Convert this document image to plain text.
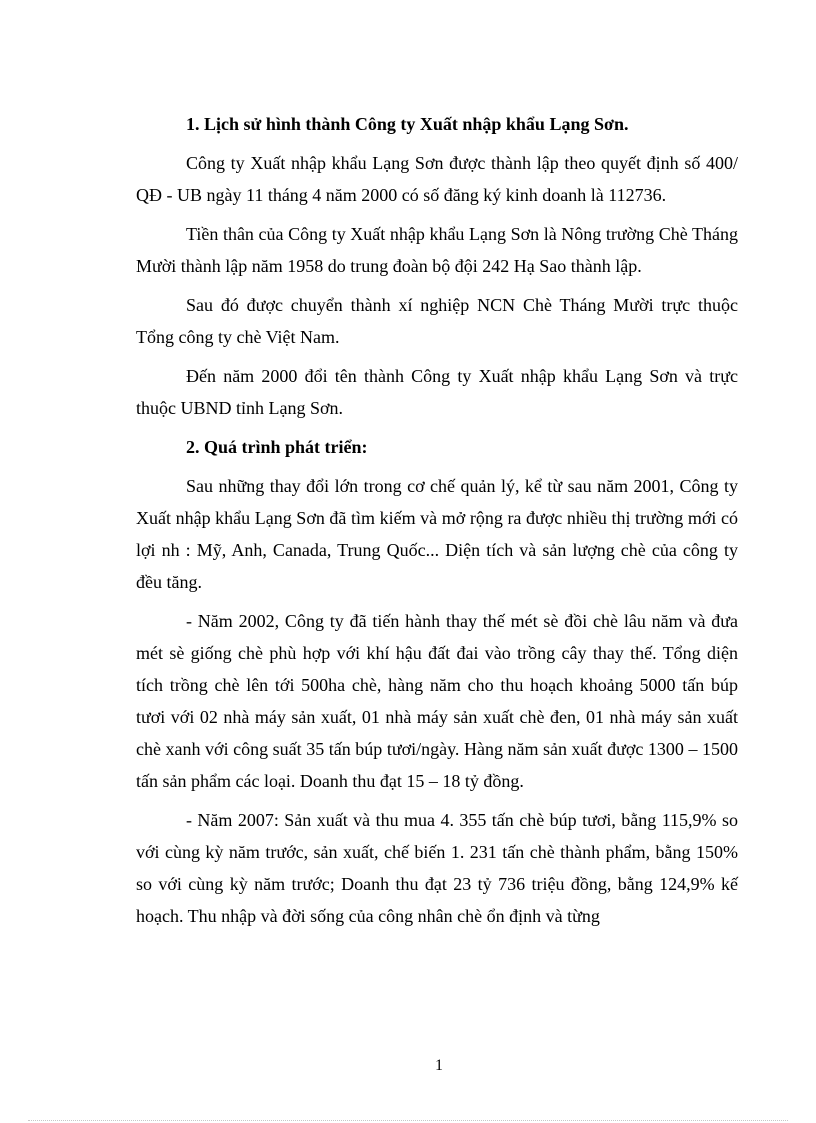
1. Lịch sử hình thành Công ty Xuất nhập khẩu Lạng Sơn.

Công ty Xuất nhập khẩu Lạng Sơn được thành lập theo quyết định số 400/ QĐ - UB ngày 11 tháng 4 năm 2000 có số đăng ký kinh doanh là 112736.

Tiền thân của Công ty Xuất nhập khẩu Lạng Sơn là Nông trường Chè Tháng Mười thành lập năm 1958 do trung đoàn bộ đội 242 Hạ Sao thành lập.

Sau đó được chuyển thành xí nghiệp NCN Chè Tháng Mười trực thuộc Tổng công ty chè Việt Nam.

Đến năm 2000 đổi tên thành Công ty Xuất nhập khẩu Lạng Sơn và trực thuộc UBND tỉnh Lạng Sơn.

2. Quá trình phát triển:

Sau những thay đổi lớn trong cơ chế quản lý, kể từ sau năm 2001, Công ty Xuất nhập khẩu Lạng Sơn đã tìm kiếm và mở rộng ra được nhiều thị trường mới có lợi nh : Mỹ, Anh, Canada, Trung Quốc... Diện tích và sản lượng chè của công ty đều tăng.

- Năm 2002, Công ty đã tiến hành thay thế mét sè đồi chè lâu năm và đưa mét sè giống chè phù hợp với khí hậu đất đai vào trồng cây thay thế. Tổng diện tích trồng chè lên tới 500ha chè, hàng năm cho thu hoạch khoảng 5000 tấn búp tươi với 02 nhà máy sản xuất, 01 nhà máy sản xuất chè đen, 01 nhà máy sản xuất chè xanh với công suất 35 tấn búp tươi/ngày. Hàng năm sản xuất được 1300 – 1500 tấn sản phẩm các loại. Doanh thu đạt 15 – 18 tỷ đồng.

- Năm 2007: Sản xuất và thu mua 4. 355 tấn chè búp tươi, bằng 115,9% so với cùng kỳ năm trước, sản xuất, chế biến 1. 231 tấn chè thành phẩm, bằng 150% so với cùng kỳ năm trước; Doanh thu đạt 23 tỷ 736 triệu đồng, bằng 124,9% kế hoạch. Thu nhập và đời sống của công nhân chè ổn định và từng

1
